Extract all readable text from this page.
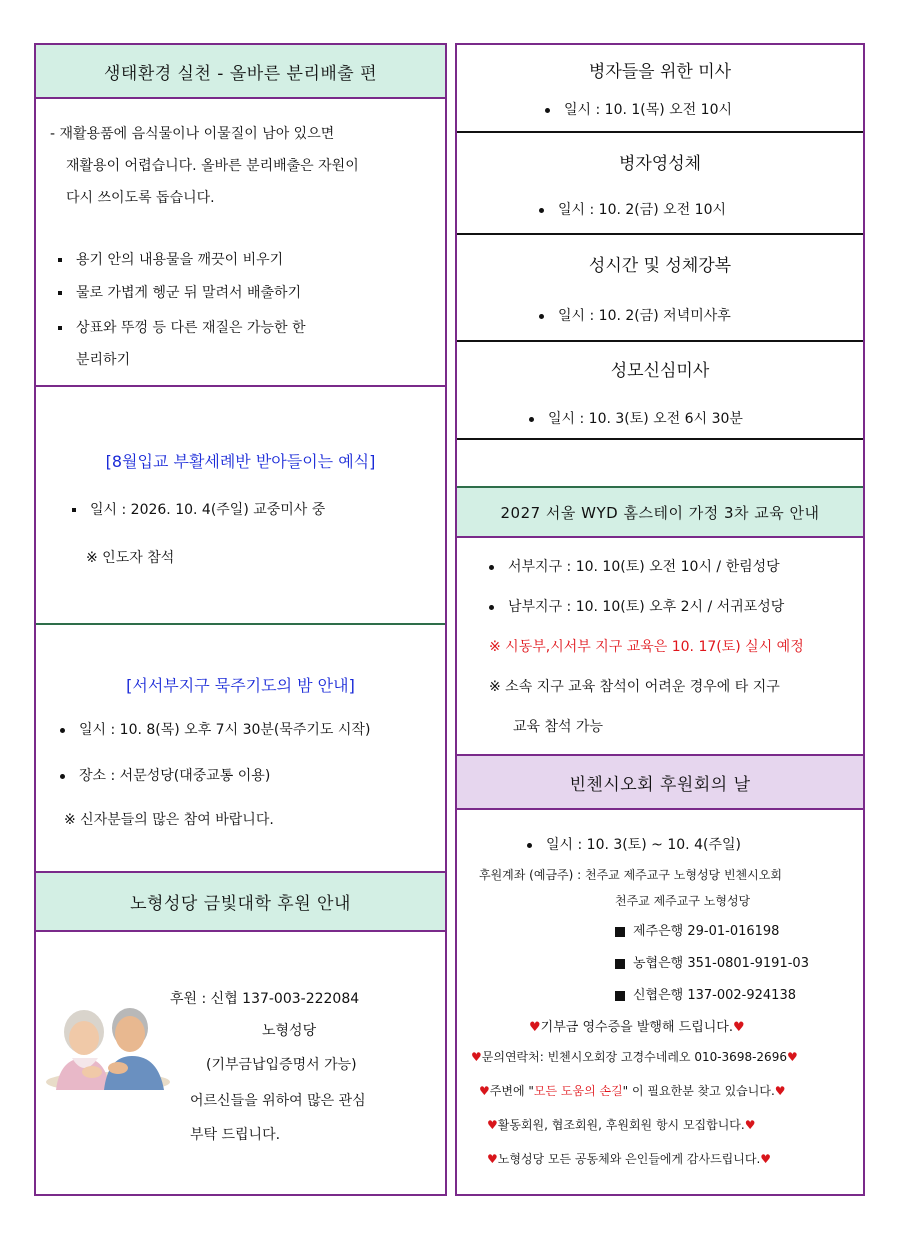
생태환경 실천 - 올바른 분리배출 편
- 재활용품에 음식물이나 이물질이 남아 있으면
재활용이 어렵습니다. 올바른 분리배출은 자원이
다시 쓰이도록 돕습니다.
용기 안의 내용물을 깨끗이 비우기
물로 가볍게 헹군 뒤 말려서 배출하기
상표와 뚜껑 등 다른 재질은 가능한 한
분리하기
[8월입교 부활세례반 받아들이는 예식]
일시 : 2026. 10. 4(주일) 교중미사 중
※ 인도자 참석
[서서부지구 묵주기도의 밤 안내]
일시 : 10. 8(목) 오후 7시 30분(묵주기도 시작)
장소 : 서문성당(대중교통 이용)
※ 신자분들의 많은 참여 바랍니다.
노형성당 금빛대학 후원 안내
후원 : 신협 137-003-222084
노형성당
(기부금납입증명서 가능)
어르신들을 위하여 많은 관심
부탁 드립니다.
병자들을 위한 미사
일시 : 10. 1(목) 오전 10시
병자영성체
일시 : 10. 2(금) 오전 10시
성시간 및 성체강복
일시 : 10. 2(금) 저녁미사후
성모신심미사
일시 : 10. 3(토) 오전 6시 30분
2027 서울 WYD 홈스테이 가정 3차 교육 안내
서부지구 : 10. 10(토) 오전 10시 / 한림성당
남부지구 : 10. 10(토) 오후 2시 / 서귀포성당
※ 시동부,시서부 지구 교육은 10. 17(토) 실시 예정
※ 소속 지구 교육 참석이 어려운 경우에 타 지구
교육 참석 가능
빈첸시오회 후원회의 날
일시 : 10. 3(토) ~ 10. 4(주일)
후원계좌 (예금주) : 천주교 제주교구 노형성당 빈첸시오회
천주교 제주교구 노형성당
제주은행 29-01-016198
농협은행 351-0801-9191-03
신협은행 137-002-924138
♥기부금 영수증을 발행해 드립니다.♥
♥문의연락처: 빈첸시오회장 고경수네레오 010-3698-2696♥
♥주변에 "모든 도움의 손길" 이 필요한분 찾고 있습니다.♥
♥활동회원, 협조회원, 후원회원 항시 모집합니다.♥
♥노형성당 모든 공동체와 은인들에게 감사드립니다.♥
